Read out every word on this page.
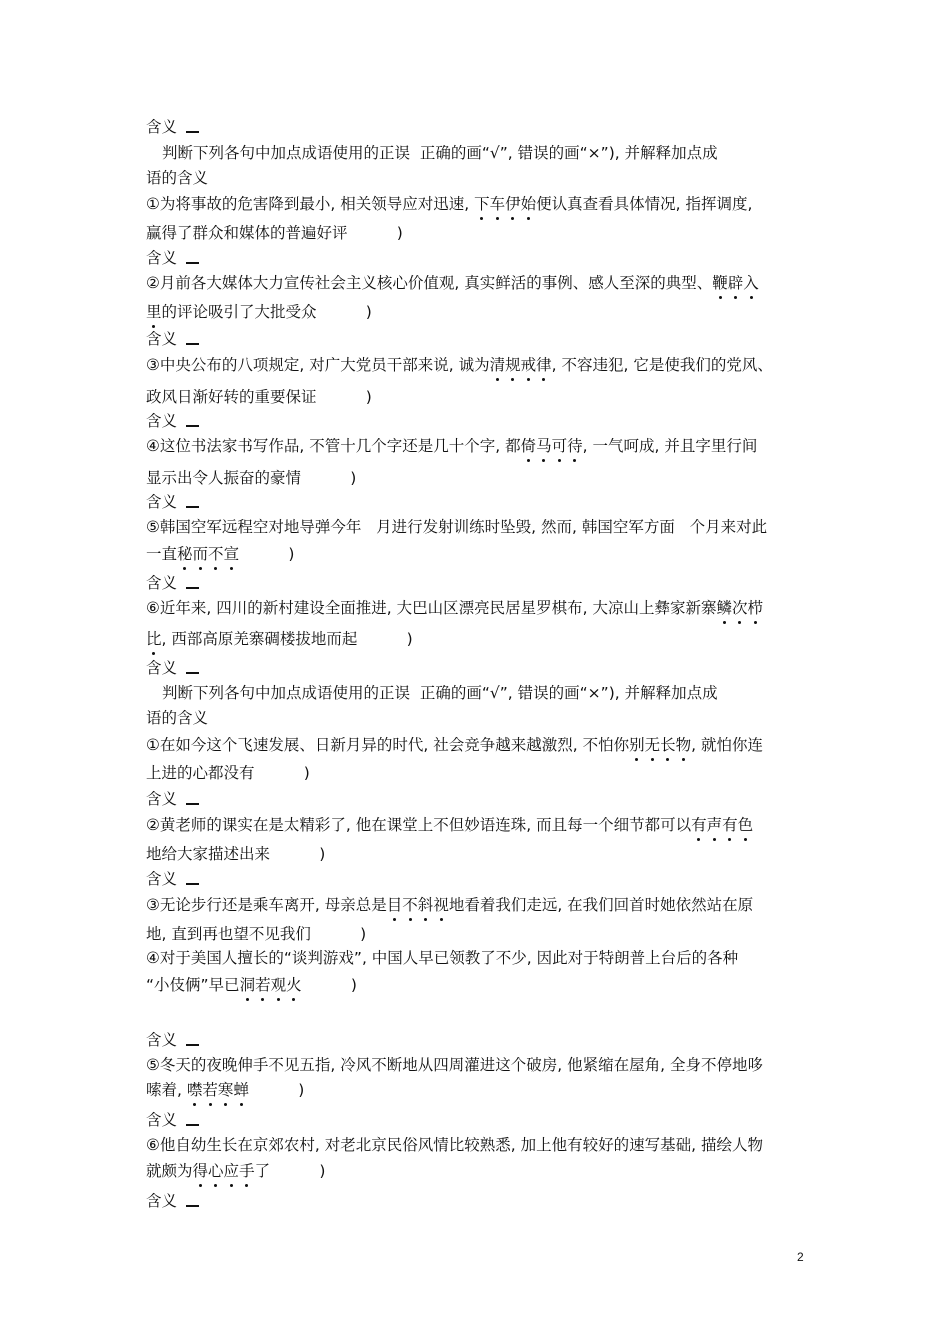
含义
判断下列各句中加点成语使用的正误  正确的画“√”, 错误的画“×”), 并解释加点成
语的含义
①为将事故的危害降到最小, 相关领导应对迅速, 下车伊始便认真查看具体情况, 指挥调度,
赢得了群众和媒体的普遍好评          )
含义
②月前各大媒体大力宣传社会主义核心价值观, 真实鲜活的事例、感人至深的典型、鞭辟入
里的评论吸引了大批受众          )
含义
③中央公布的八项规定, 对广大党员干部来说, 诚为清规戒律, 不容违犯, 它是使我们的党风、
政风日渐好转的重要保证          )
含义
④这位书法家书写作品, 不管十几个字还是几十个字, 都倚马可待, 一气呵成, 并且字里行间
显示出令人振奋的豪情          )
含义
⑤韩国空军远程空对地导弹今年   月进行发射训练时坠毁, 然而, 韩国空军方面   个月来对此
一直秘而不宣          )
含义
⑥近年来, 四川的新村建设全面推进, 大巴山区漂亮民居星罗棋布, 大凉山上彝家新寨鳞次栉
比, 西部高原羌寨碉楼拔地而起          )
含义
判断下列各句中加点成语使用的正误  正确的画“√”, 错误的画“×”), 并解释加点成
语的含义
①在如今这个飞速发展、日新月异的时代, 社会竞争越来越激烈, 不怕你别无长物, 就怕你连
上进的心都没有          )
含义
②黄老师的课实在是太精彩了, 他在课堂上不但妙语连珠, 而且每一个细节都可以有声有色
地给大家描述出来          )
含义
③无论步行还是乘车离开, 母亲总是目不斜视地看着我们走远, 在我们回首时她依然站在原
地, 直到再也望不见我们          )
④对于美国人擅长的“谈判游戏”, 中国人早已领教了不少, 因此对于特朗普上台后的各种
“小伎俩”早已洞若观火          )
含义
⑤冬天的夜晚伸手不见五指, 冷风不断地从四周灌进这个破房, 他紧缩在屋角, 全身不停地哆
嗦着, 噤若寒蝉          )
含义
⑥他自幼生长在京郊农村, 对老北京民俗风情比较熟悉, 加上他有较好的速写基础, 描绘人物
就颇为得心应手了          )
含义
2
